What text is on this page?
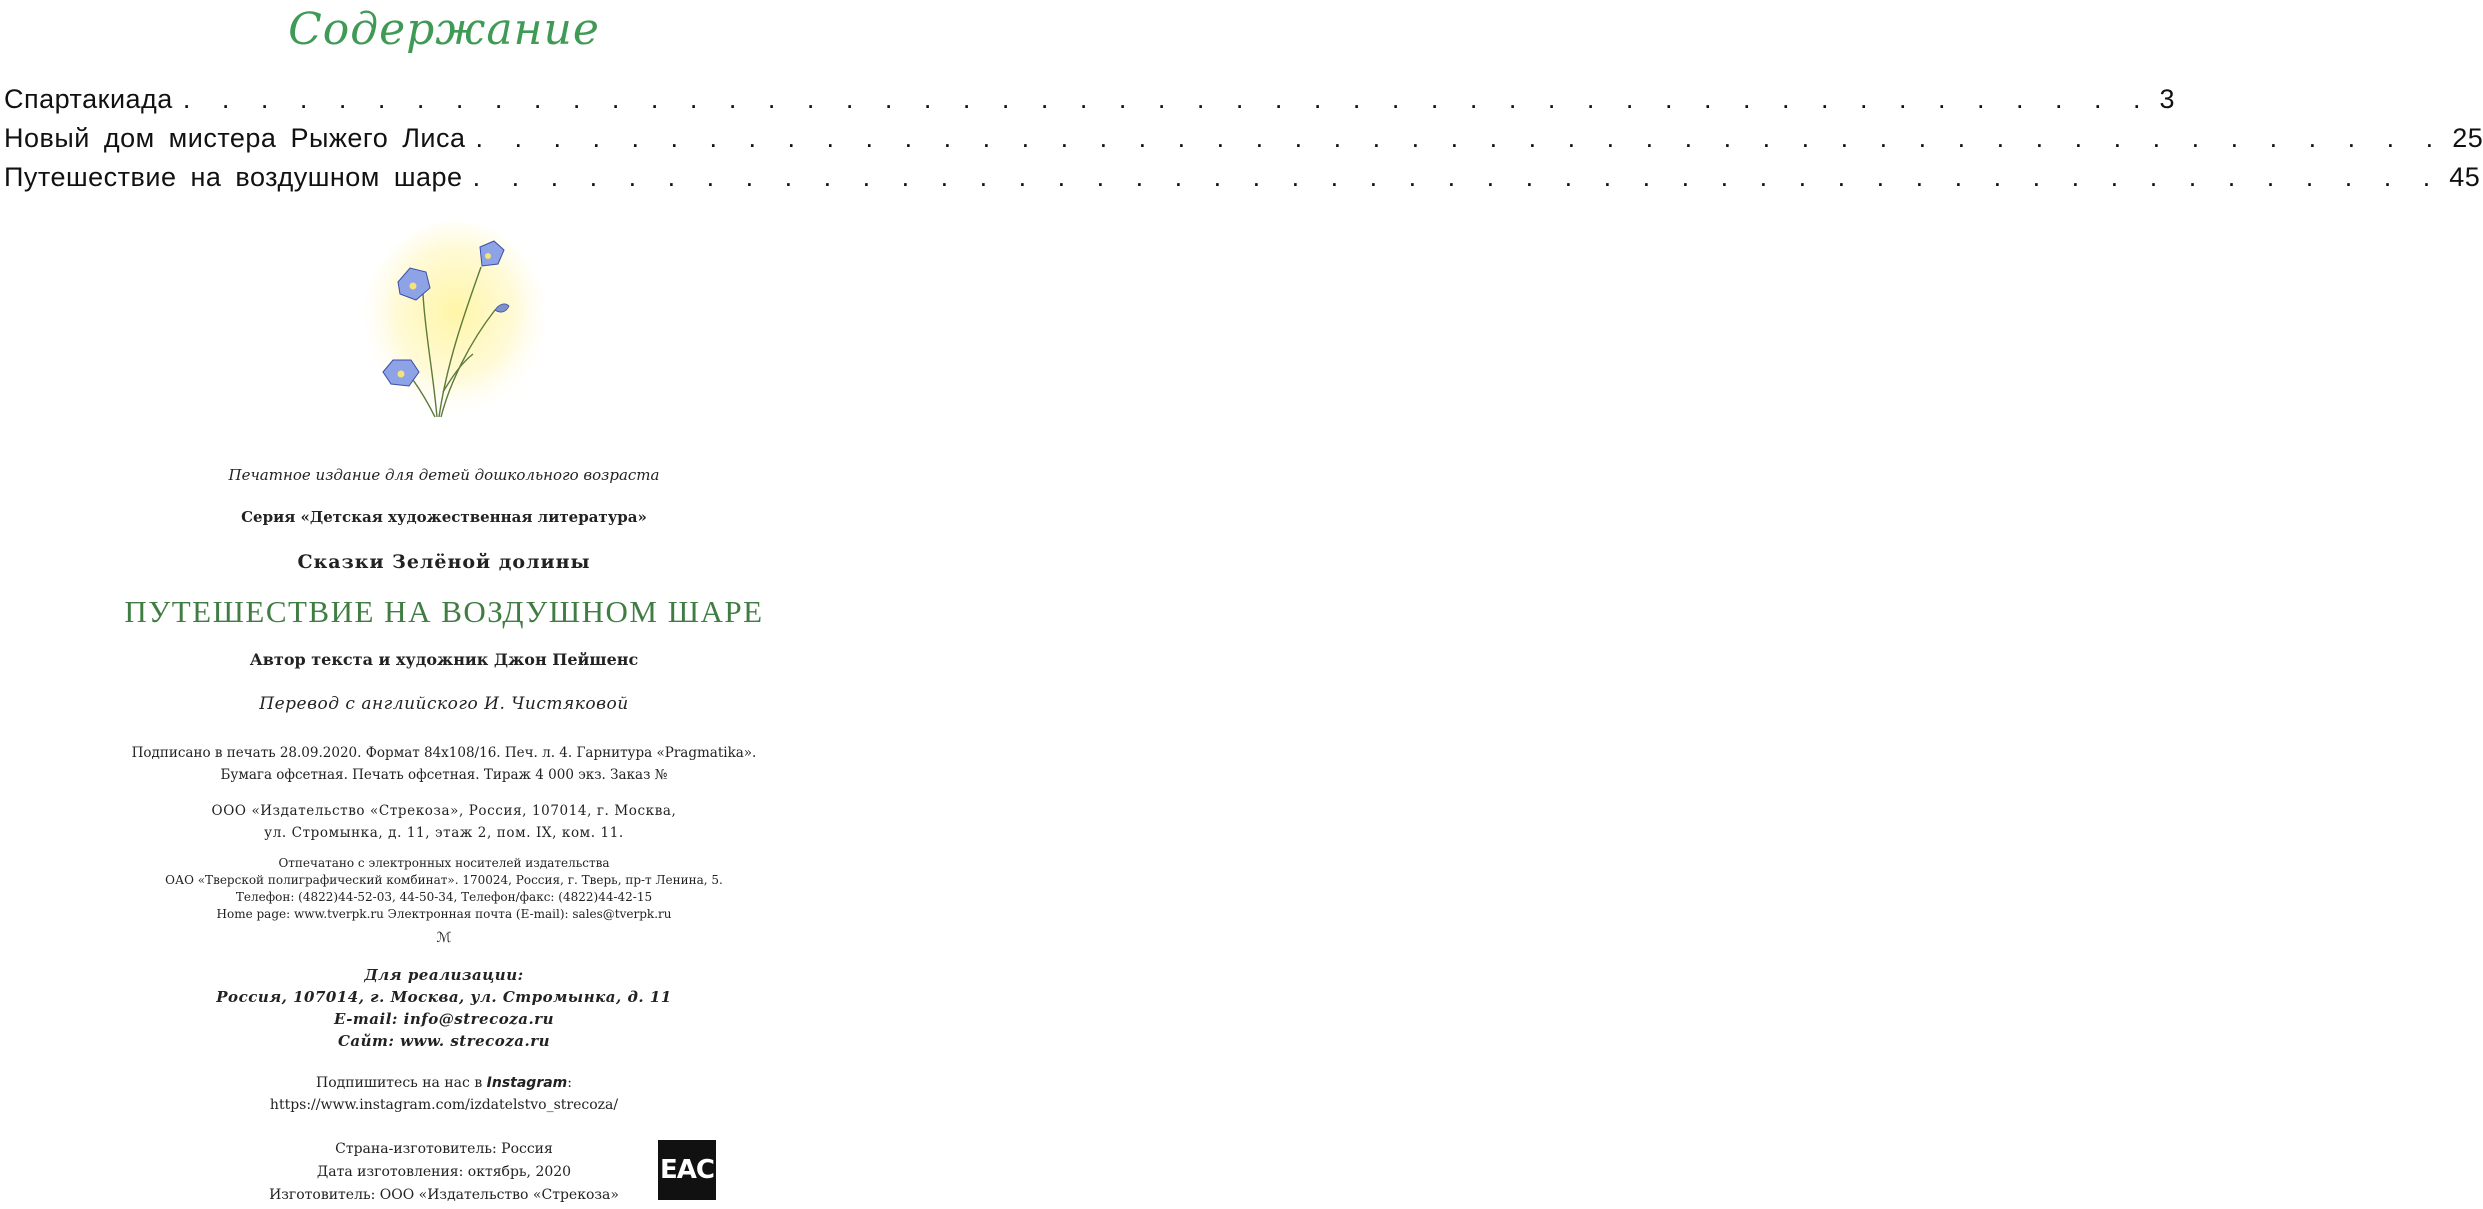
Содержание
Спартакиада . . . . . . . . . . . . . . . . . . . . . . . . . . . . . . . . . . . . . . . . . . . . . . . . . . . 3
Новый дом мистера Рыжего Лиса . . . . . . . . . . . . . . . . . . . . . . . . . . . . . . . . . . . . . . . . . . . . . . . . . . . 25
Путешествие на воздушном шаре . . . . . . . . . . . . . . . . . . . . . . . . . . . . . . . . . . . . . . . . . . . . . . . . . . . 45
Печатное издание для детей дошкольного возраста
Серия «Детская художественная литература»
Сказки Зелёной долины
ПУТЕШЕСТВИЕ НА ВОЗДУШНОМ ШАРЕ
Автор текста и художник Джон Пейшенс
Перевод с английского И. Чистяковой
Подписано в печать 28.09.2020. Формат 84х108/16. Печ. л. 4. Гарнитура «Pragmatika».
Бумага офсетная. Печать офсетная. Тираж 4 000 экз. Заказ №
ООО «Издательство «Стрекоза», Россия, 107014, г. Москва,
ул. Стромынка, д. 11, этаж 2, пом. IX, ком. 11.
Отпечатано с электронных носителей издательства
ОАО «Тверской полиграфический комбинат». 170024, Россия, г. Тверь, пр-т Ленина, 5.
Телефон: (4822)44-52-03, 44-50-34, Телефон/факс: (4822)44-42-15
Home page: www.tverpk.ru Электронная почта (E-mail): sales@tverpk.ru
ℳ
Для реализации:
Россия, 107014, г. Москва, ул. Стромынка, д. 11
E-mail: info@strecoza.ru
Сайт: www. strecoza.ru
Подпишитесь на нас в Instagram:
https://www.instagram.com/izdatelstvo_strecoza/
Страна-изготовитель: Россия
Дата изготовления: октябрь, 2020
Изготовитель: ООО «Издательство «Стрекоза»
EAC
